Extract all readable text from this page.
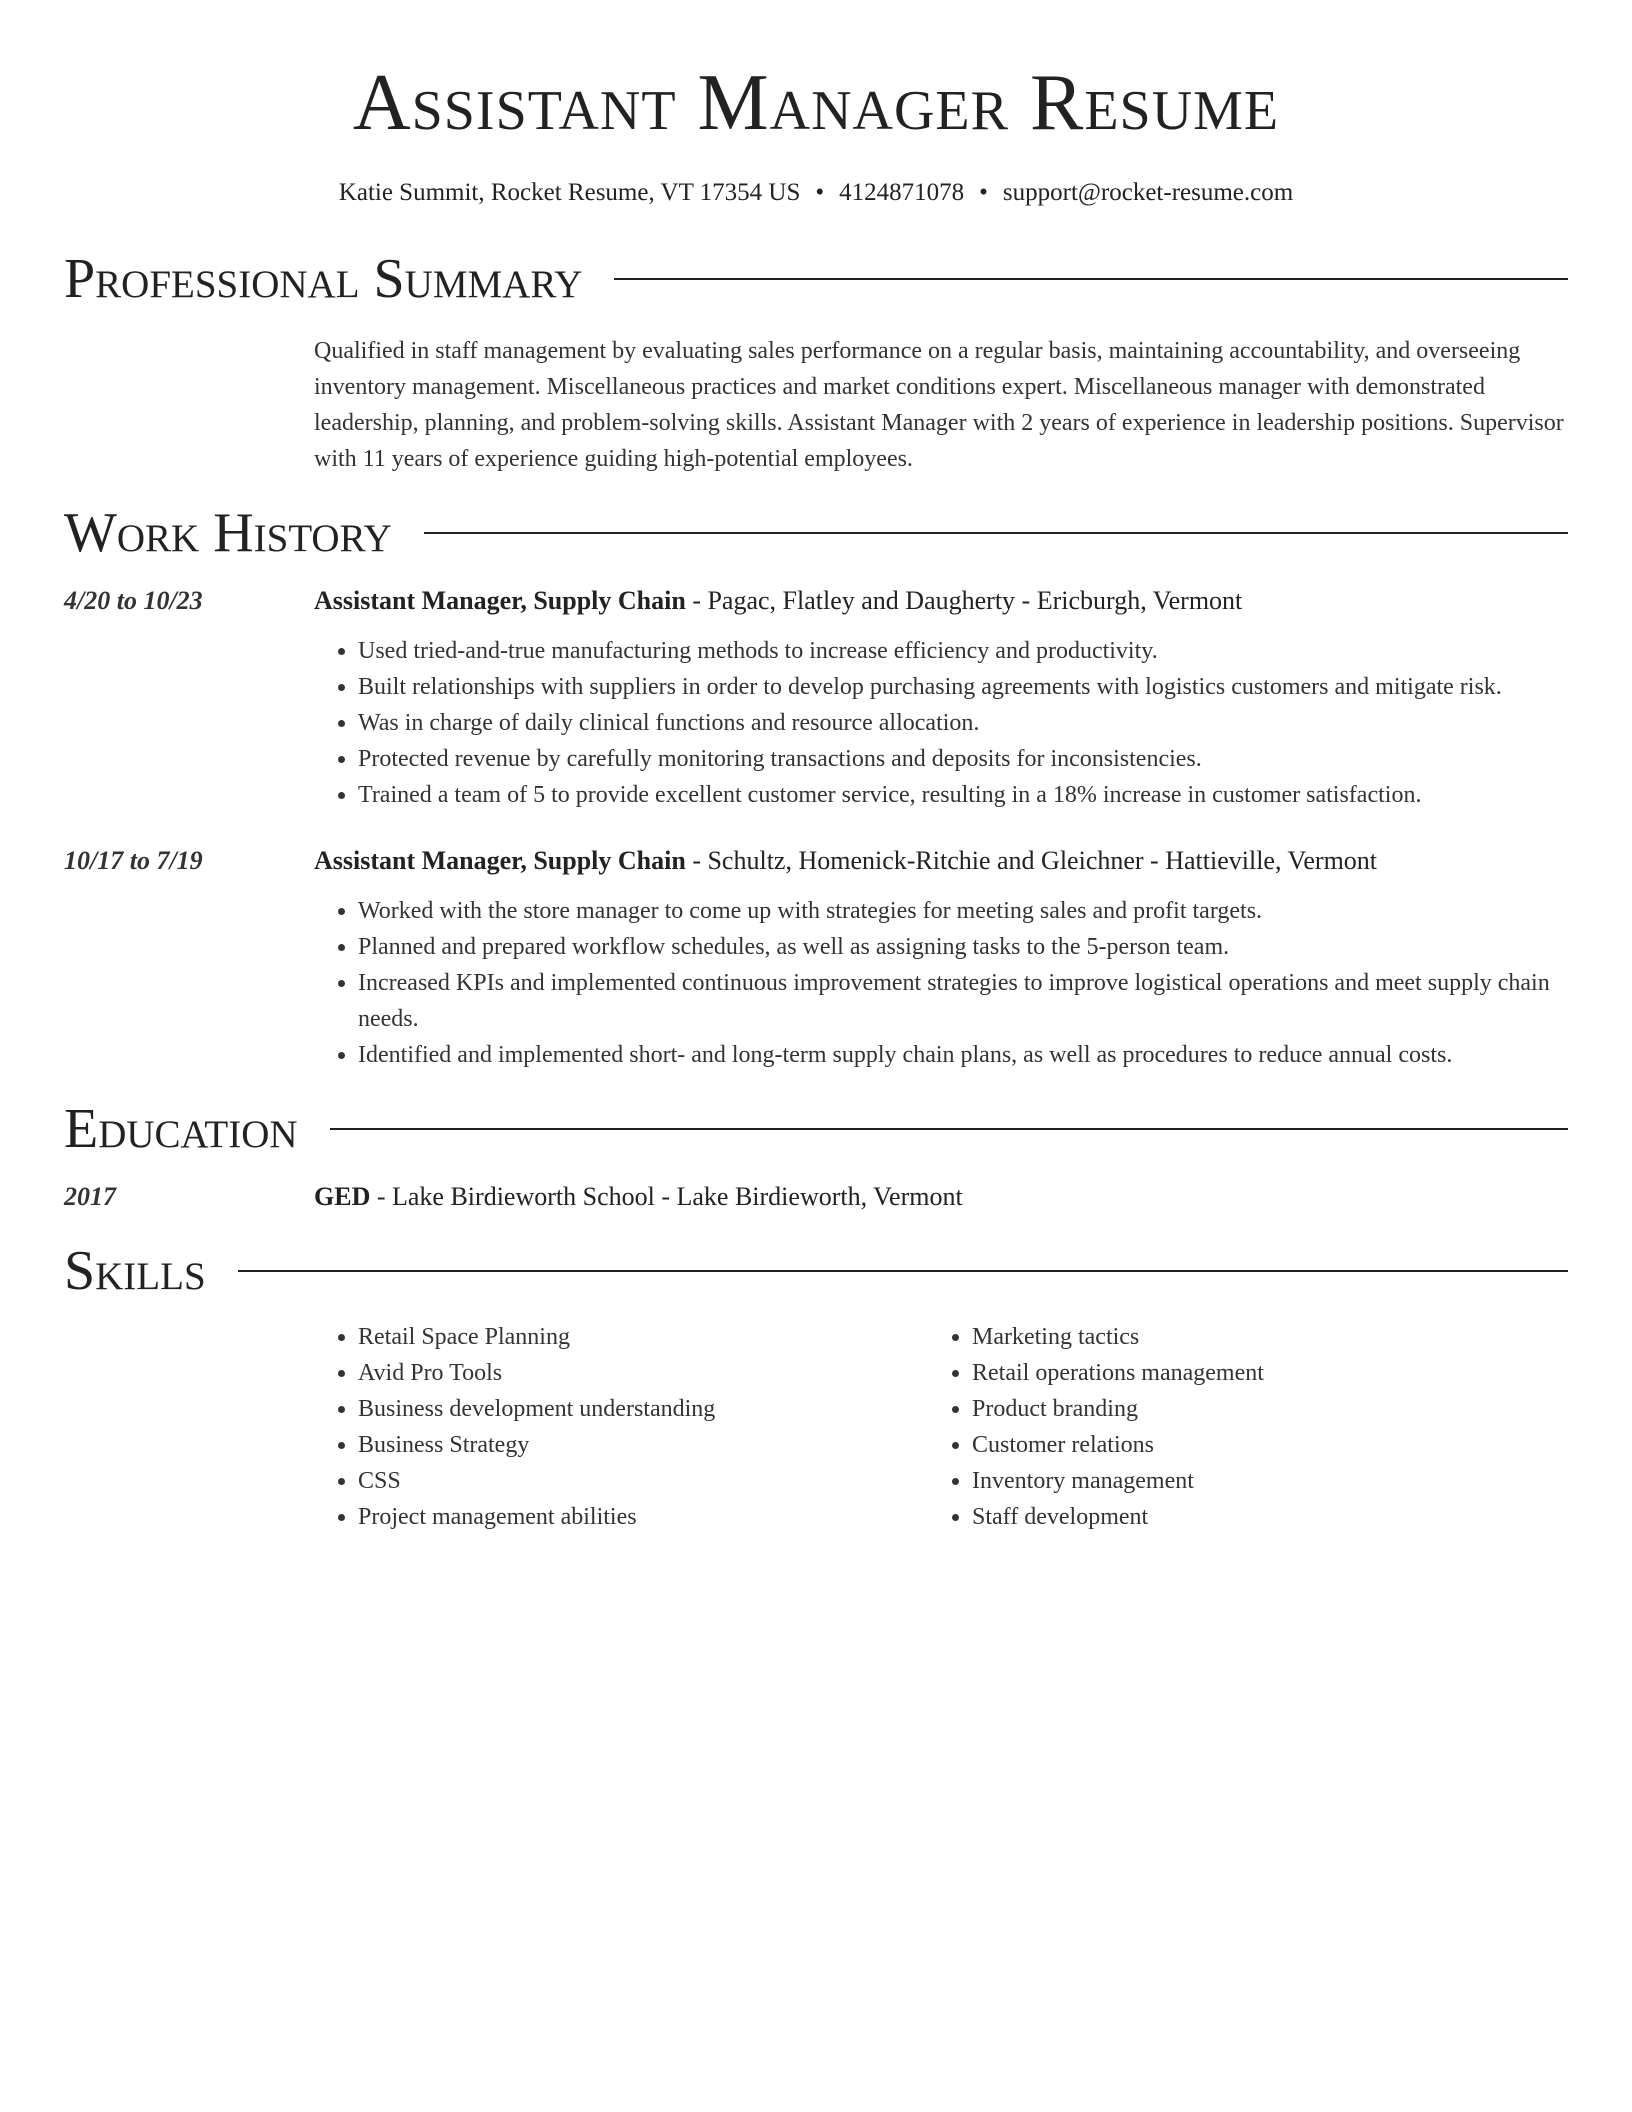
Assistant Manager Resume
Katie Summit, Rocket Resume, VT 17354 US • 4124871078 • support@rocket-resume.com
Professional Summary
Qualified in staff management by evaluating sales performance on a regular basis, maintaining accountability, and overseeing inventory management. Miscellaneous practices and market conditions expert. Miscellaneous manager with demonstrated leadership, planning, and problem-solving skills. Assistant Manager with 2 years of experience in leadership positions. Supervisor with 11 years of experience guiding high-potential employees.
Work History
4/20 to 10/23	Assistant Manager, Supply Chain - Pagac, Flatley and Daugherty - Ericburgh, Vermont
• Used tried-and-true manufacturing methods to increase efficiency and productivity.
• Built relationships with suppliers in order to develop purchasing agreements with logistics customers and mitigate risk.
• Was in charge of daily clinical functions and resource allocation.
• Protected revenue by carefully monitoring transactions and deposits for inconsistencies.
• Trained a team of 5 to provide excellent customer service, resulting in a 18% increase in customer satisfaction.
10/17 to 7/19	Assistant Manager, Supply Chain - Schultz, Homenick-Ritchie and Gleichner - Hattieville, Vermont
• Worked with the store manager to come up with strategies for meeting sales and profit targets.
• Planned and prepared workflow schedules, as well as assigning tasks to the 5-person team.
• Increased KPIs and implemented continuous improvement strategies to improve logistical operations and meet supply chain needs.
• Identified and implemented short- and long-term supply chain plans, as well as procedures to reduce annual costs.
Education
2017	GED - Lake Birdieworth School - Lake Birdieworth, Vermont
Skills
• Retail Space Planning
• Avid Pro Tools
• Business development understanding
• Business Strategy
• CSS
• Project management abilities
• Marketing tactics
• Retail operations management
• Product branding
• Customer relations
• Inventory management
• Staff development
